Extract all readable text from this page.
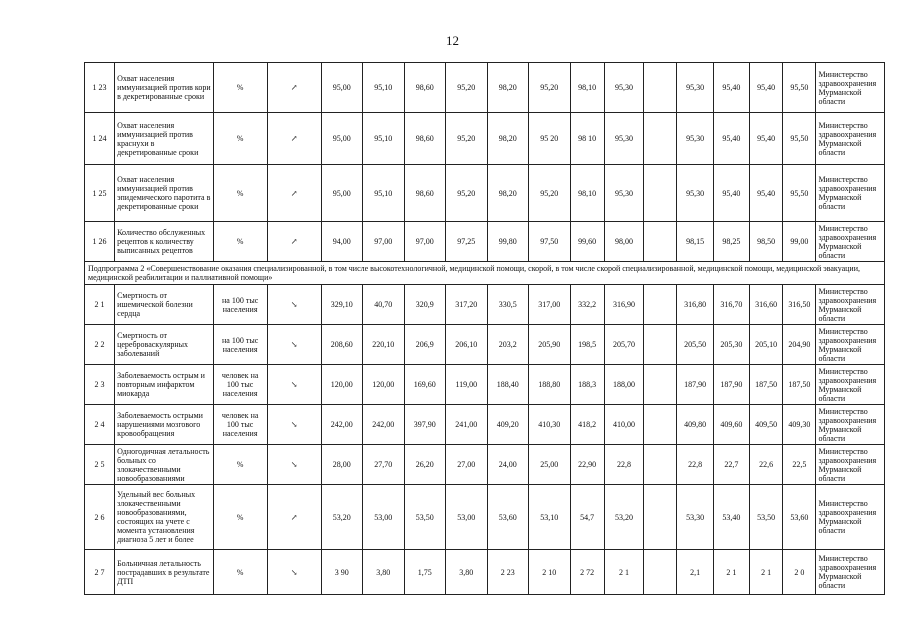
12
1 23	Охват населения иммунизацией против кори в декретированные сроки	%	↗	95,00	95,10	98,60	95,20	98,20	95,20	98,10	95,30		95,30	95,40	95,40	95,50	Министерство здравоохранения Мурманской области
1 24	Охват населения иммунизацией против краснухи в декретированные сроки	%	↗	95,00	95,10	98,60	95,20	98,20	95 20	98 10	95,30		95,30	95,40	95,40	95,50	Министерство здравоохранения Мурманской области
1 25	Охват населения иммунизацией против эпидемического паротита в декретированные сроки	%	↗	95,00	95,10	98,60	95,20	98,20	95,20	98,10	95,30		95,30	95,40	95,40	95,50	Министерство здравоохранения Мурманской области
1 26	Количество обслуженных рецептов к количеству выписанных рецептов	%	↗	94,00	97,00	97,00	97,25	99,80	97,50	99,60	98,00		98,15	98,25	98,50	99,00	Министерство здравоохранения Мурманской области
Подпрограмма 2 «Совершенствование оказания специализированной, в том числе высокотехнологичной, медицинской помощи, скорой, в том числе скорой специализированной, медицинской помощи, медицинской эвакуации, медицинской реабилитации и паллиативной помощи»																	
2 1	Смертность от ишемической болезни сердца	на 100 тыс населения	↘	329,10	40,70	320,9	317,20	330,5	317,00	332,2	316,90		316,80	316,70	316,60	316,50	Министерство здравоохранения Мурманской области
2 2	Смертность от цереброваскулярных заболеваний	на 100 тыс населения	↘	208,60	220,10	206,9	206,10	203,2	205,90	198,5	205,70		205,50	205,30	205,10	204,90	Министерство здравоохранения Мурманской области
2 3	Заболеваемость острым и повторным инфарктом миокарда	человек на 100 тыс населения	↘	120,00	120,00	169,60	119,00	188,40	188,80	188,3	188,00		187,90	187,90	187,50	187,50	Министерство здравоохранения Мурманской области
2 4	Заболеваемость острыми нарушениями мозгового кровообращения	человек на 100 тыс населения	↘	242,00	242,00	397,90	241,00	409,20	410,30	418,2	410,00		409,80	409,60	409,50	409,30	Министерство здравоохранения Мурманской области
2 5	Одногодичная летальность больных со злокачественными новообразованиями	%	↘	28,00	27,70	26,20	27,00	24,00	25,00	22,90	22,8		22,8	22,7	22,6	22,5	Министерство здравоохранения Мурманской области
2 6	Удельный вес больных злокачественными новообразованиями, состоящих на учете с момента установления диагноза 5 лет и более	%	↗	53,20	53,00	53,50	53,00	53,60	53,10	54,7	53,20		53,30	53,40	53,50	53,60	Министерство здравоохранения Мурманской области
2 7	Больничная летальность пострадавших в результате ДТП	%	↘	3 90	3,80	1,75	3,80	2 23	2 10	2 72	2 1		2,1	2 1	2 1	2 0	Министерство здравоохранения Мурманской области
